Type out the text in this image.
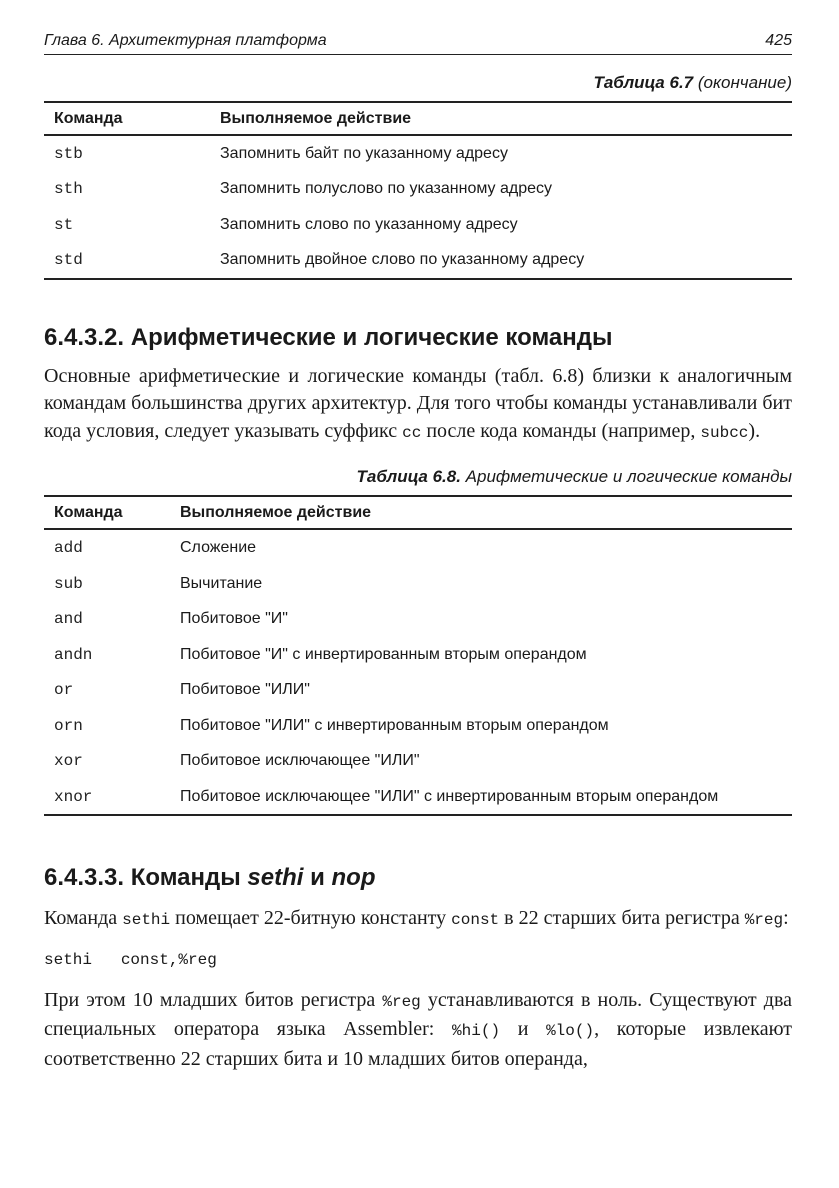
Глава 6. Архитектурная платформа	425
Таблица 6.7 (окончание)
Команда	Выполняемое действие
stb	Запомнить байт по указанному адресу
sth	Запомнить полуслово по указанному адресу
st	Запомнить слово по указанному адресу
std	Запомнить двойное слово по указанному адресу
6.4.3.2. Арифметические и логические команды

Основные арифметические и логические команды (табл. 6.8) близки к аналогичным командам большинства других архитектур. Для того чтобы команды устанавливали бит кода условия, следует указывать суффикс cc после кода команды (например, subcc).

Таблица 6.8. Арифметические и логические команды
Команда	Выполняемое действие
add	Сложение
sub	Вычитание
and	Побитовое "И"
andn	Побитовое "И" с инвертированным вторым операндом
or	Побитовое "ИЛИ"
orn	Побитовое "ИЛИ" с инвертированным вторым операндом
xor	Побитовое исключающее "ИЛИ"
xnor	Побитовое исключающее "ИЛИ" с инвертированным вторым операндом
6.4.3.3. Команды sethi и nop

Команда sethi помещает 22-битную константу const в 22 старших бита регистра %reg:

sethi   const,%reg

При этом 10 младших битов регистра %reg устанавливаются в ноль. Существуют два специальных оператора языка Assembler: %hi() и %lo(), которые извлекают соответственно 22 старших бита и 10 младших битов операнда,
